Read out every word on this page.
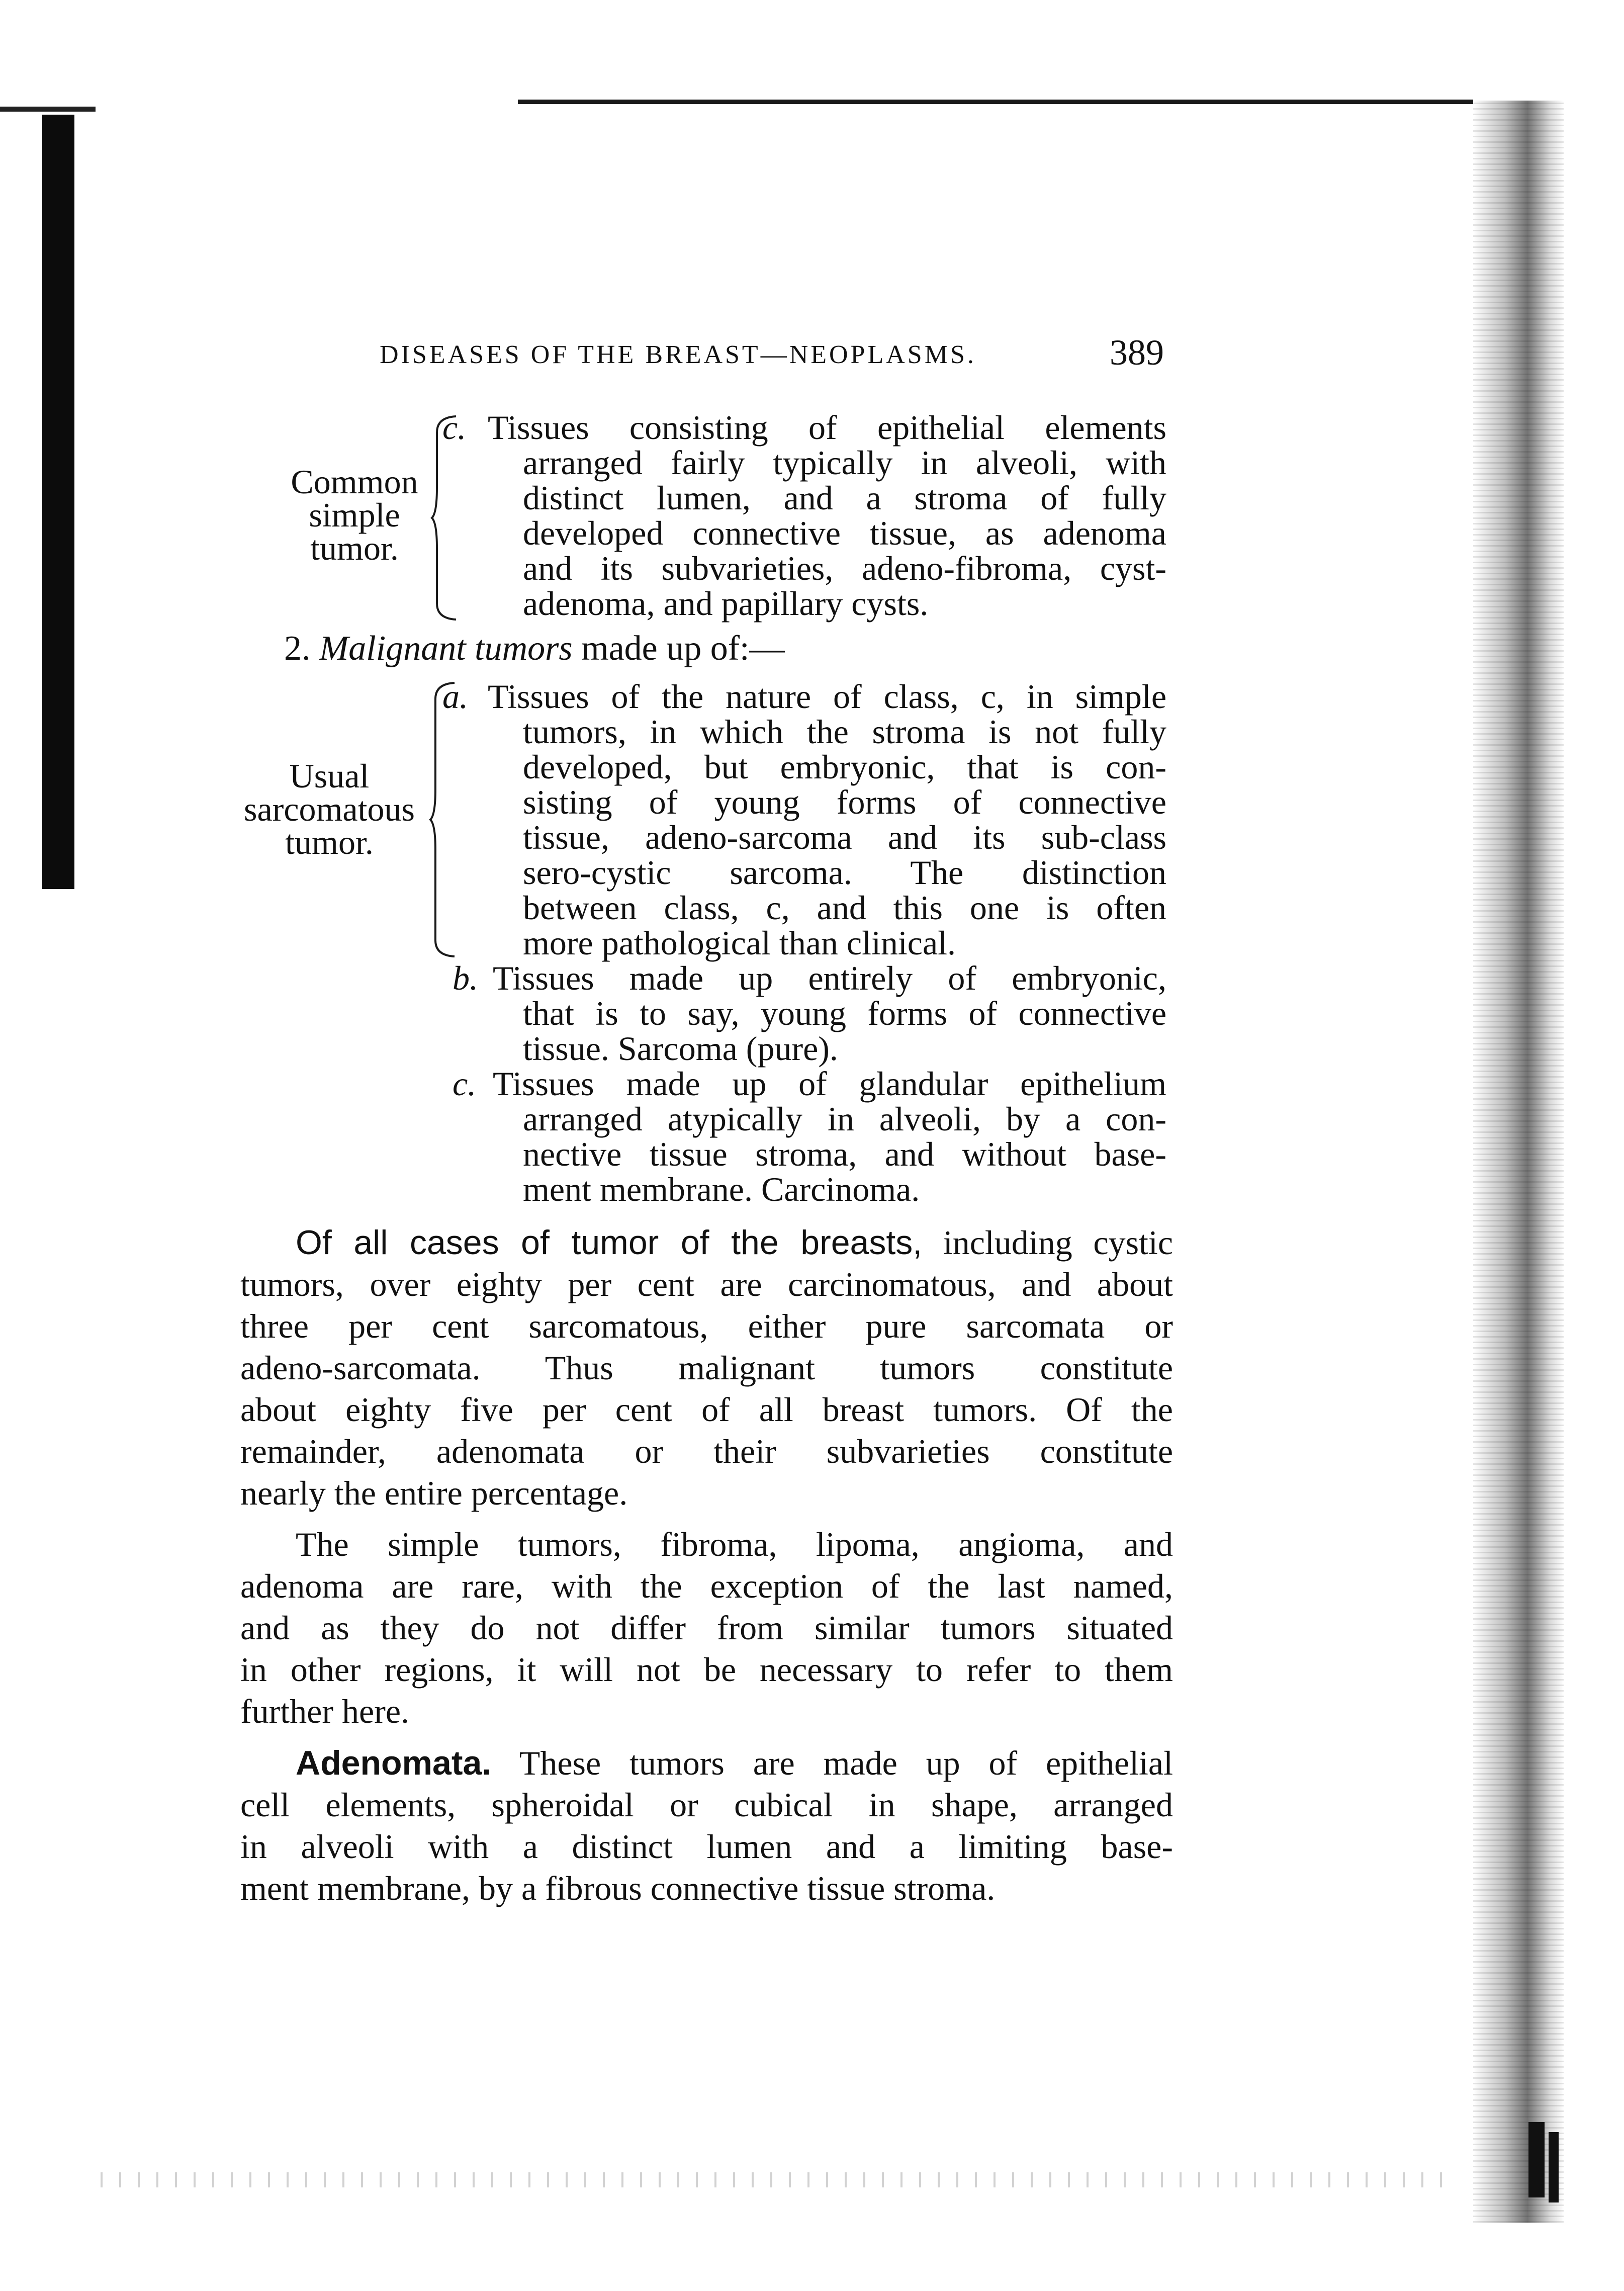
DISEASES OF THE BREAST—NEOPLASMS.	389
Common
simple
tumor.
c. Tissues consisting of epithelial elements
arranged fairly typically in alveoli, with
distinct lumen, and a stroma of fully
developed connective tissue, as adenoma
and its subvarieties, adeno-fibroma, cyst-
adenoma, and papillary cysts.
2. Malignant tumors made up of:—
Usual
sarcomatous
tumor.
a. Tissues of the nature of class, c, in simple
tumors, in which the stroma is not fully
developed, but embryonic, that is con-
sisting of young forms of connective
tissue, adeno-sarcoma and its sub-class
sero-cystic sarcoma. The distinction
between class, c, and this one is often
more pathological than clinical.
b. Tissues made up entirely of embryonic,
that is to say, young forms of connective
tissue. Sarcoma (pure).
c. Tissues made up of glandular epithelium
arranged atypically in alveoli, by a con-
nective tissue stroma, and without base-
ment membrane. Carcinoma.
Of all cases of tumor of the breasts, including cystic
tumors, over eighty per cent are carcinomatous, and about
three per cent sarcomatous, either pure sarcomata or
adeno-sarcomata. Thus malignant tumors constitute
about eighty five per cent of all breast tumors. Of the
remainder, adenomata or their subvarieties constitute
nearly the entire percentage.
The simple tumors, fibroma, lipoma, angioma, and
adenoma are rare, with the exception of the last named,
and as they do not differ from similar tumors situated
in other regions, it will not be necessary to refer to them
further here.
Adenomata. These tumors are made up of epithelial
cell elements, spheroidal or cubical in shape, arranged
in alveoli with a distinct lumen and a limiting base-
ment membrane, by a fibrous connective tissue stroma.
